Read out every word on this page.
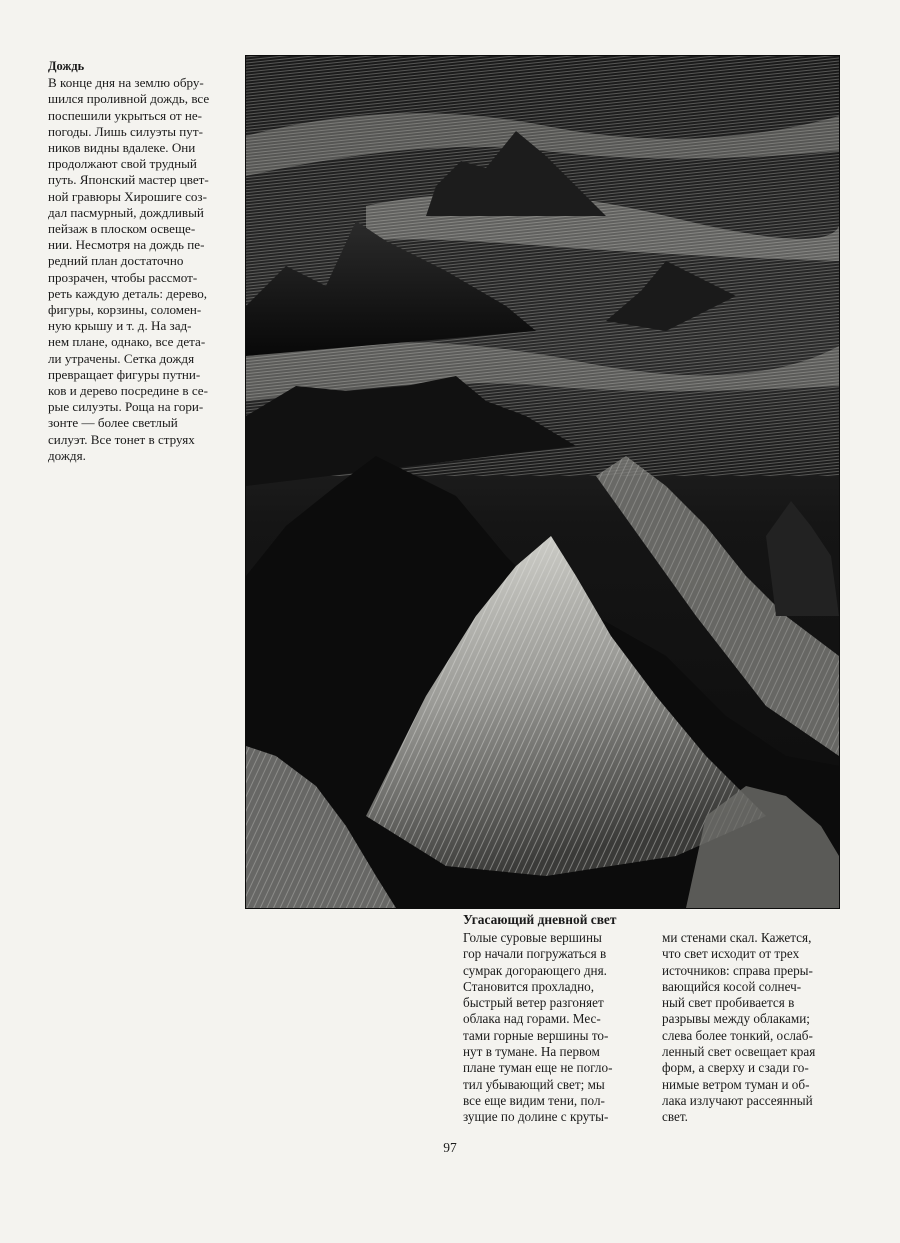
Дождь
В конце дня на землю обру-
шился проливной дождь, все
поспешили укрыться от не-
погоды. Лишь силуэты пут-
ников видны вдалеке. Они
продолжают свой трудный
путь. Японский мастер цвет-
ной гравюры Хирошиге соз-
дал пасмурный, дождливый
пейзаж в плоском освеще-
нии. Несмотря на дождь пе-
редний план достаточно
прозрачен, чтобы рассмот-
реть каждую деталь: дерево,
фигуры, корзины, соломен-
ную крышу и т. д. На зад-
нем плане, однако, все дета-
ли утрачены. Сетка дождя
превращает фигуры путни-
ков и дерево посредине в се-
рые силуэты. Роща на гори-
зонте — более светлый
силуэт. Все тонет в струях
дождя.
Угасающий дневной свет
Голые суровые вершины
гор начали погружаться в
сумрак догорающего дня.
Становится прохладно,
быстрый ветер разгоняет
облака над горами. Мес-
тами горные вершины то-
нут в тумане. На первом
плане туман еще не погло-
тил убывающий свет; мы
все еще видим тени, пол-
зущие по долине с круты-
ми стенами скал. Кажется,
что свет исходит от трех
источников: справа преры-
вающийся косой солнеч-
ный свет пробивается в
разрывы между облаками;
слева более тонкий, ослаб-
ленный свет освещает края
форм, а сверху и сзади го-
нимые ветром туман и об-
лака излучают рассеянный
свет.
97
